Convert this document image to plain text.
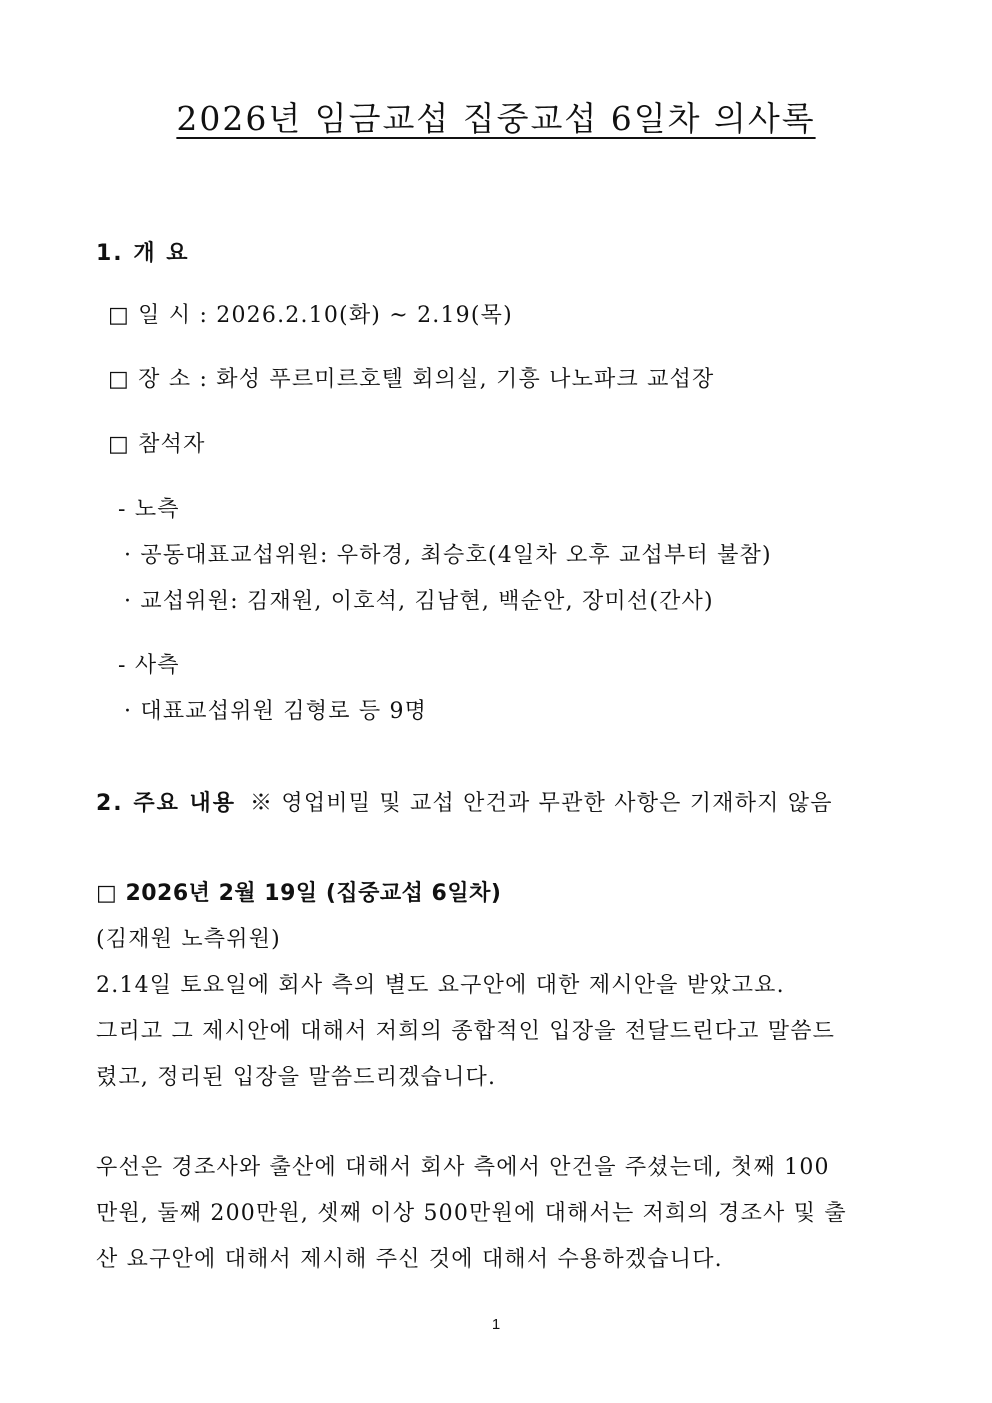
2026년 임금교섭 집중교섭 6일차 의사록
1. 개 요
□ 일 시 : 2026.2.10(화) ~ 2.19(목)
□ 장 소 : 화성 푸르미르호텔 회의실, 기흥 나노파크 교섭장
□ 참석자
- 노측
· 공동대표교섭위원: 우하경, 최승호(4일차 오후 교섭부터 불참)
· 교섭위원: 김재원, 이호석, 김남현, 백순안, 장미선(간사)
- 사측
· 대표교섭위원 김형로 등 9명
2. 주요 내용 ※ 영업비밀 및 교섭 안건과 무관한 사항은 기재하지 않음
□ 2026년 2월 19일 (집중교섭 6일차)
(김재원 노측위원)
2.14일 토요일에 회사 측의 별도 요구안에 대한 제시안을 받았고요.
그리고 그 제시안에 대해서 저희의 종합적인 입장을 전달드린다고 말씀드
렸고, 정리된 입장을 말씀드리겠습니다.
우선은 경조사와 출산에 대해서 회사 측에서 안건을 주셨는데, 첫째 100
만원, 둘째 200만원, 셋째 이상 500만원에 대해서는 저희의 경조사 및 출
산 요구안에 대해서 제시해 주신 것에 대해서 수용하겠습니다.
1
